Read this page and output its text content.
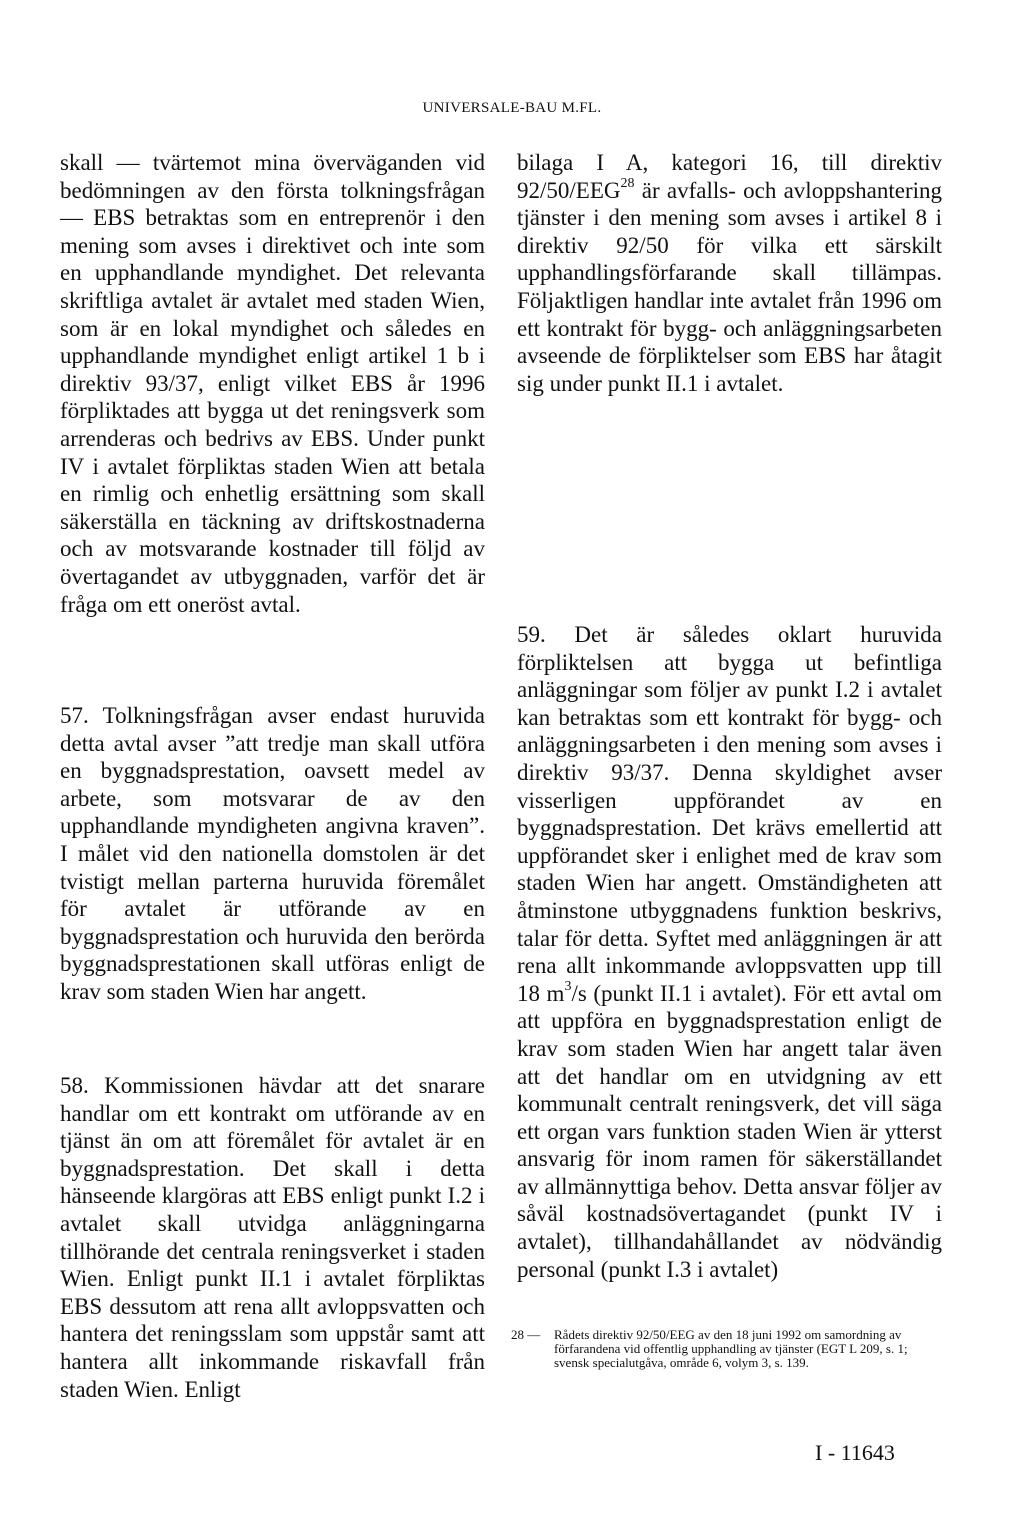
UNIVERSALE-BAU M.FL.

skall — tvärtemot mina överväganden vid bedömningen av den första tolkningsfrågan — EBS betraktas som en entreprenör i den mening som avses i direktivet och inte som en upphandlande myndighet. Det relevanta skriftliga avtalet är avtalet med staden Wien, som är en lokal myndighet och således en upphandlande myndighet enligt artikel 1 b i direktiv 93/37, enligt vilket EBS år 1996 förpliktades att bygga ut det reningsverk som arrenderas och bedrivs av EBS. Under punkt IV i avtalet förpliktas staden Wien att betala en rimlig och enhetlig ersättning som skall säkerställa en täckning av driftskostnaderna och av motsvarande kostnader till följd av övertagandet av utbyggnaden, varför det är fråga om ett oneröst avtal.

57. Tolkningsfrågan avser endast huruvida detta avtal avser ”att tredje man skall utföra en byggnadsprestation, oavsett medel av arbete, som motsvarar de av den upphandlande myndigheten angivna kraven”. I målet vid den nationella domstolen är det tvistigt mellan parterna huruvida föremålet för avtalet är utförande av en byggnadsprestation och huruvida den berörda byggnadsprestationen skall utföras enligt de krav som staden Wien har angett.

58. Kommissionen hävdar att det snarare handlar om ett kontrakt om utförande av en tjänst än om att föremålet för avtalet är en byggnadsprestation. Det skall i detta hänseende klargöras att EBS enligt punkt I.2 i avtalet skall utvidga anläggningarna tillhörande det centrala reningsverket i staden Wien. Enligt punkt II.1 i avtalet förpliktas EBS dessutom att rena allt avloppsvatten och hantera det reningsslam som uppstår samt att hantera allt inkommande riskavfall från staden Wien. Enligt

bilaga I A, kategori 16, till direktiv 92/50/EEG$^{28}$ är avfalls- och avloppshantering tjänster i den mening som avses i artikel 8 i direktiv 92/50 för vilka ett särskilt upphandlingsförfarande skall tillämpas. Följaktligen handlar inte avtalet från 1996 om ett kontrakt för bygg- och anläggningsarbeten avseende de förpliktelser som EBS har åtagit sig under punkt II.1 i avtalet.

59. Det är således oklart huruvida förpliktelsen att bygga ut befintliga anläggningar som följer av punkt I.2 i avtalet kan betraktas som ett kontrakt för bygg- och anläggningsarbeten i den mening som avses i direktiv 93/37. Denna skyldighet avser visserligen uppförandet av en byggnadsprestation. Det krävs emellertid att uppförandet sker i enlighet med de krav som staden Wien har angett. Omständigheten att åtminstone utbyggnadens funktion beskrivs, talar för detta. Syftet med anläggningen är att rena allt inkommande avloppsvatten upp till 18 $m^3/s$ (punkt II.1 i avtalet). För ett avtal om att uppföra en byggnadsprestation enligt de krav som staden Wien har angett talar även att det handlar om en utvidgning av ett kommunalt centralt reningsverk, det vill säga ett organ vars funktion staden Wien är ytterst ansvarig för inom ramen för säkerställandet av allmännyttiga behov. Detta ansvar följer av såväl kostnadsövertagandet (punkt IV i avtalet), tillhandahållandet av nödvändig personal (punkt I.3 i avtalet)

28 — Rådets direktiv 92/50/EEG av den 18 juni 1992 om samordning av förfarandena vid offentlig upphandling av tjänster (EGT L 209, s. 1; svensk specialutgåva, område 6, volym 3, s. 139.
I - 11643
